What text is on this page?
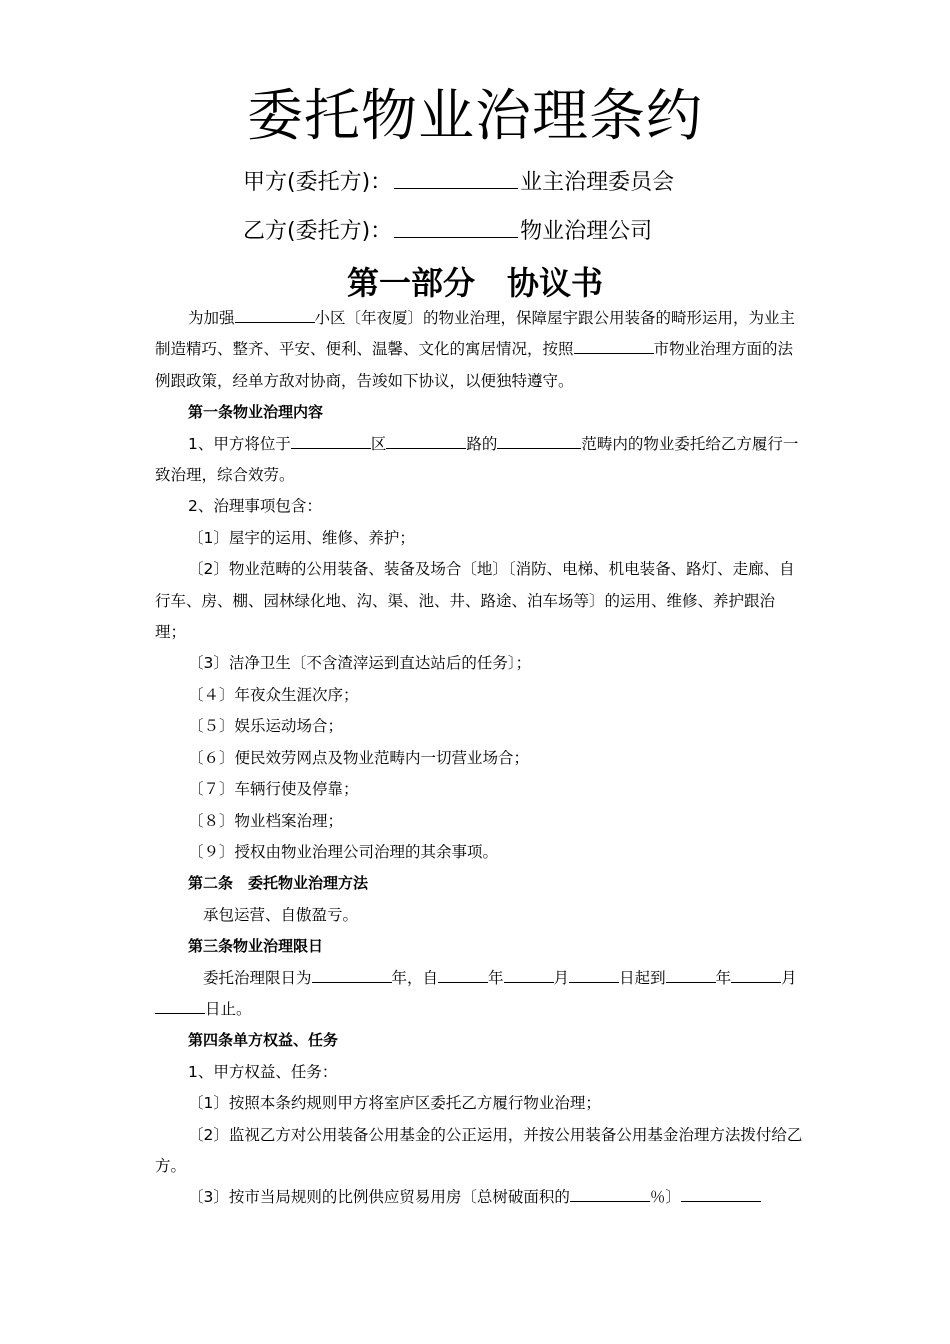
委托物业治理条约
甲方(委托方)：	业主治理委员会
乙方(委托方)：	物业治理公司
第一部分　协议书

为加强	小区〔年夜厦〕的物业治理，保障屋宇跟公用装备的畸形运用，为业主制造精巧、整齐、平安、便利、温馨、文化的寓居情况，按照	市物业治理方面的法例跟政策，经单方敌对协商，告竣如下协议，以便独特遵守。

第一条物业治理内容

1、甲方将位于	区	路的	范畴内的物业委托给乙方履行一致治理，综合效劳。

2、治理事项包含：

〔1〕屋宇的运用、维修、养护；

〔2〕物业范畴的公用装备、装备及场合〔地〕〔消防、电梯、机电装备、路灯、走廊、自行车、房、棚、园林绿化地、沟、渠、池、井、路途、泊车场等〕的运用、维修、养护跟治理；

〔3〕洁净卫生〔不含渣滓运到直达站后的任务〕；

〔４〕年夜众生涯次序；

〔５〕娱乐运动场合；

〔６〕便民效劳网点及物业范畴内一切营业场合；

〔７〕车辆行使及停靠；

〔８〕物业档案治理；

〔９〕授权由物业治理公司治理的其余事项。

第二条　委托物业治理方法

承包运营、自傲盈亏。

第三条物业治理限日

委托治理限日为	年，自	年	月	日起到	年	月日止。

第四条单方权益、任务

1、甲方权益、任务：

〔1〕按照本条约规则甲方将室庐区委托乙方履行物业治理；

〔2〕监视乙方对公用装备公用基金的公正运用，并按公用装备公用基金治理方法拨付给乙方。

〔3〕按市当局规则的比例供应贸易用房〔总树破面积的	％〕
